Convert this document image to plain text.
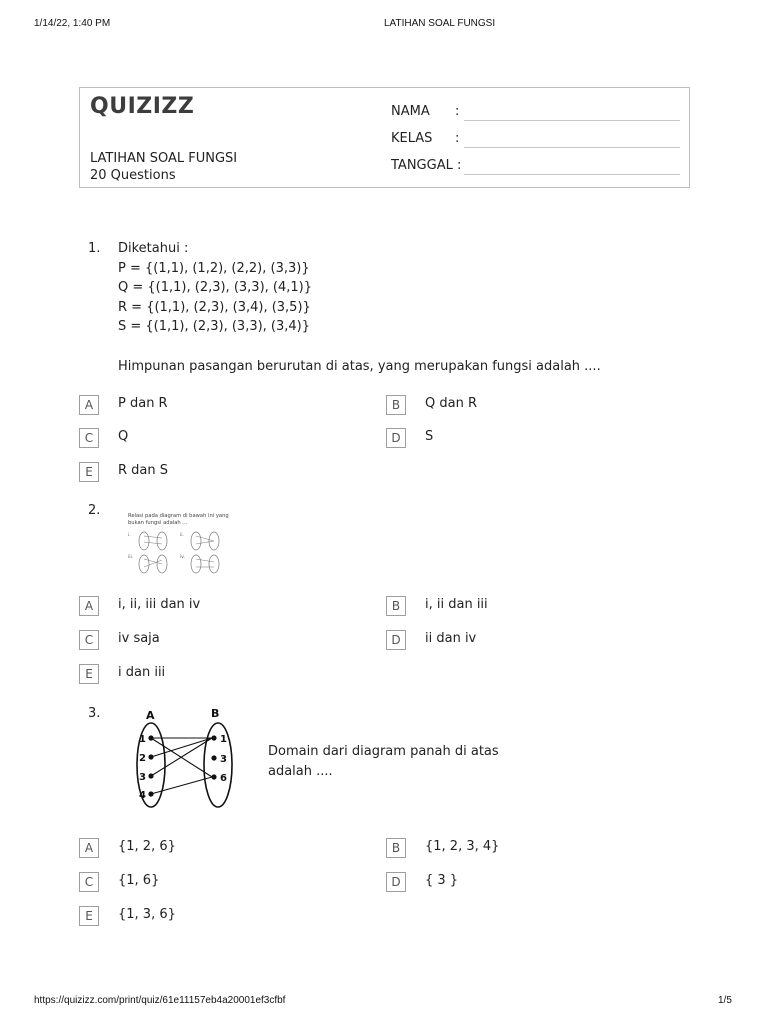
1/14/22, 1:40 PM	LATIHAN SOAL FUNGSI
QUIZIZZ
LATIHAN SOAL FUNGSI
20 Questions
NAMA :
KELAS :
TANGGAL :
1. Diketahui :
P = {(1,1), (1,2), (2,2), (3,3)}
Q = {(1,1), (2,3), (3,3), (4,1)}
R = {(1,1), (2,3), (3,4), (3,5)}
S = {(1,1), (2,3), (3,3), (3,4)}
Himpunan pasangan berurutan di atas, yang merupakan fungsi adalah ....
A	P dan R	B	Q dan R
C	Q	D	S
E	R dan S
2.	Relasi pada diagram di bawah ini yang
bukan fungsi adalah ...
i.	ii.
iii.	iv.
A	i, ii, iii dan iv	B	i, ii dan iii
C	iv saja	D	ii dan iv
E	i dan iii
3.	A	B
1
2
3
4
1
3
6
Domain dari diagram panah di atas
adalah ....
A	{1, 2, 6}	B	{1, 2, 3, 4}
C	{1, 6}	D	{ 3 }
E	{1, 3, 6}
https://quizizz.com/print/quiz/61e11157eb4a20001ef3cfbf	1/5
